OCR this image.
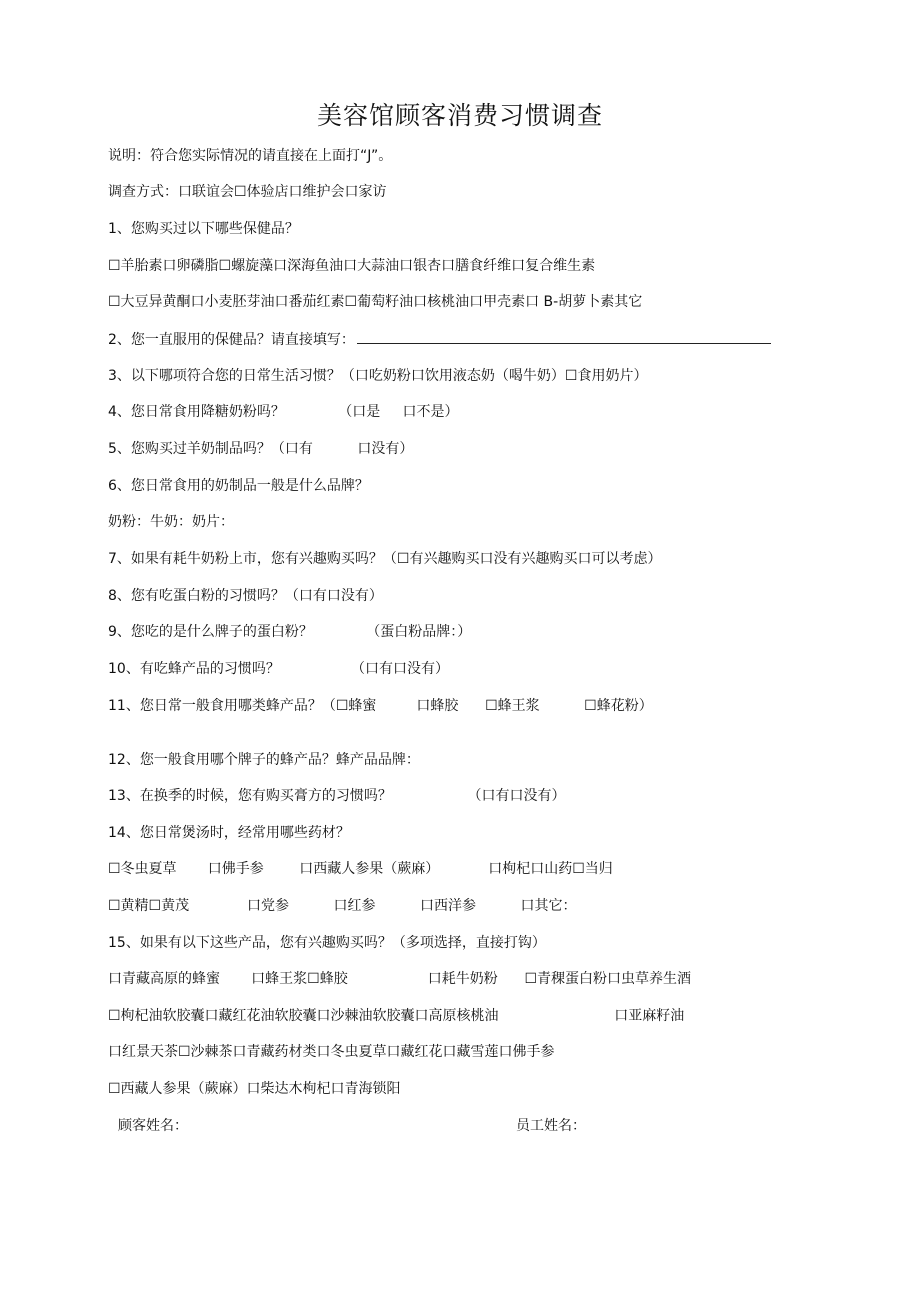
美容馆顾客消费习惯调查
说明：符合您实际情况的请直接在上面打“J”。
调查方式：口联谊会☐体验店口维护会口家访
1、您购买过以下哪些保健品？
☐羊胎素口卵磷脂☐螺旋藻口深海鱼油口大蒜油口银杏口膳食纤维口复合维生素
☐大豆异黄酮口小麦胚芽油口番茄红素☐葡萄籽油口核桃油口甲壳素口 B-胡萝卜素其它
2、您一直服用的保健品？请直接填写：
3、以下哪项符合您的日常生活习惯？（口吃奶粉口饮用液态奶（喝牛奶）☐食用奶片）
4、您日常食用降糖奶粉吗？            （口是     口不是）
5、您购买过羊奶制品吗？（口有          口没有）
6、您日常食用的奶制品一般是什么品牌？
奶粉：牛奶：奶片：
7、如果有耗牛奶粉上市，您有兴趣购买吗？（☐有兴趣购买口没有兴趣购买口可以考虑）
8、您有吃蛋白粉的习惯吗？（口有口没有）
9、您吃的是什么牌子的蛋白粉？            （蛋白粉品牌：）
10、有吃蜂产品的习惯吗？                （口有口没有）
11、您日常一般食用哪类蜂产品？（☐蜂蜜         口蜂胶      ☐蜂王浆          ☐蜂花粉）
12、您一般食用哪个牌子的蜂产品？蜂产品品牌：
13、在换季的时候，您有购买膏方的习惯吗？                 （口有口没有）
14、您日常煲汤时，经常用哪些药材？
☐冬虫夏草       口佛手参        口西藏人参果（蕨麻）           口枸杞口山药☐当归
☐黄精☐黄茂             口党参          口红参          口西洋参          口其它：
15、如果有以下这些产品，您有兴趣购买吗？（多项选择，直接打钩）
口青藏高原的蜂蜜       口蜂王浆☐蜂胶                  口耗牛奶粉      ☐青稞蛋白粉口虫草养生酒
☐枸杞油软胶囊口藏红花油软胶囊口沙棘油软胶囊口高原核桃油                          口亚麻籽油
口红景天茶☐沙棘茶口青藏药材类口冬虫夏草口藏红花口藏雪莲口佛手参
☐西藏人参果（蕨麻）口柴达木枸杞口青海锁阳
顾客姓名：	员工姓名：
